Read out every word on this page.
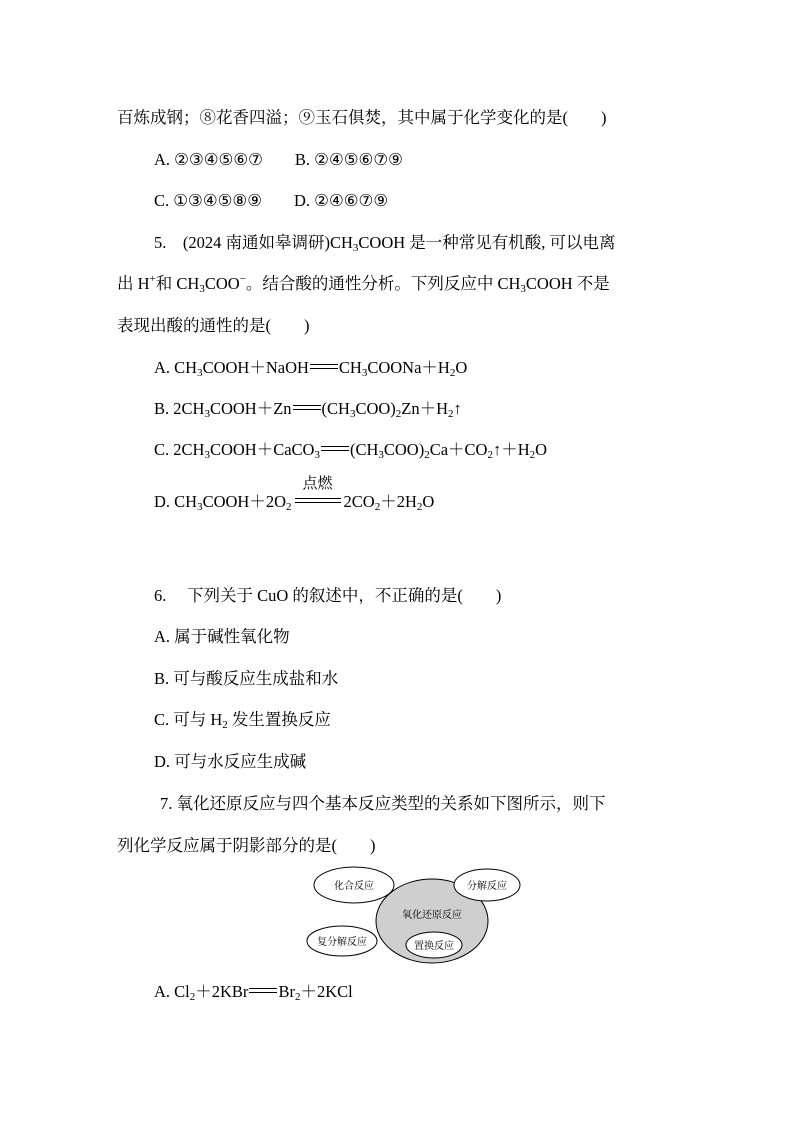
百炼成钢；⑧花香四溢；⑨玉石俱焚，其中属于化学变化的是(　　)
A. ②③④⑤⑥⑦ B. ②④⑤⑥⑦⑨
C. ①③④⑤⑧⑨ D. ②④⑥⑦⑨
5.　(2024 南通如皋调研)$CH_3COOH$ 是一种常见有机酸, 可以电离
出 H+和 $CH_3COO^-$。结合酸的通性分析。下列反应中 $CH_3COOH$ 不是
表现出酸的通性的是(　　)
A. $CH_3COOH+NaOH$ $CH_3COONa+H_2O$
B. $2CH_3COOH+Zn$ $(CH_3COO)_2Zn+H_2↑$
C. $2CH_3COOH+CaCO_3$ $(CH_3COO)_2Ca+CO_2↑+H_2O$
D. $CH_3COOH+2O_2$
点燃
$2CO_2+2H_2O$
6.　 下列关于 CuO 的叙述中，不正确的是(　　)
A. 属于碱性氧化物
B. 可与酸反应生成盐和水
C. 可与 $H_2$ 发生置换反应
D. 可与水反应生成碱
7. 氧化还原反应与四个基本反应类型的关系如下图所示，则下
列化学反应属于阴影部分的是(　　)
氧化还原反应
化合反应	分解反应
复分解反应	置换反应
A. $Cl_2+2KBr$ $Br_2+2KCl$
